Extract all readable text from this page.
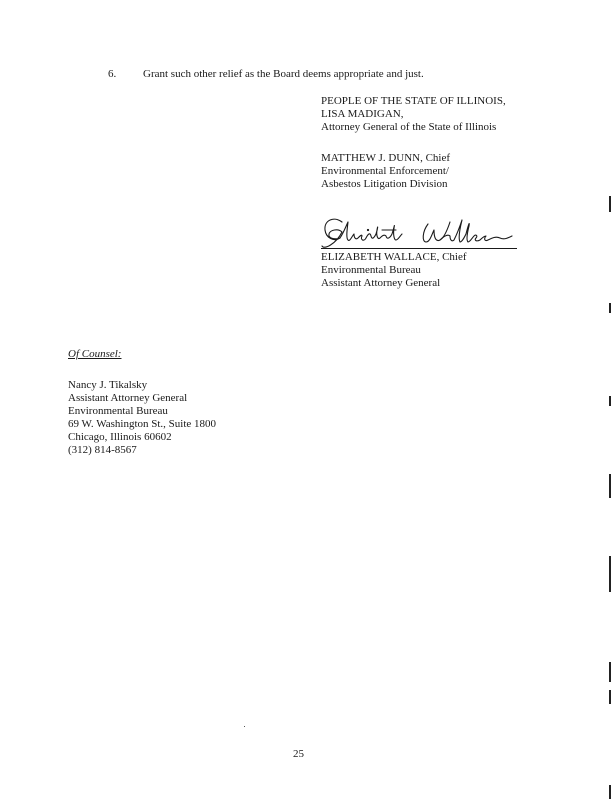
6. Grant such other relief as the Board deems appropriate and just.
PEOPLE OF THE STATE OF ILLINOIS,
LISA MADIGAN,
Attorney General of the State of Illinois
MATTHEW J. DUNN, Chief
Environmental Enforcement/
Asbestos Litigation Division
ELIZABETH WALLACE, Chief
Environmental Bureau
Assistant Attorney General
Of Counsel:
Nancy J. Tikalsky
Assistant Attorney General
Environmental Bureau
69 W. Washington St., Suite 1800
Chicago, Illinois 60602
(312) 814-8567
25
